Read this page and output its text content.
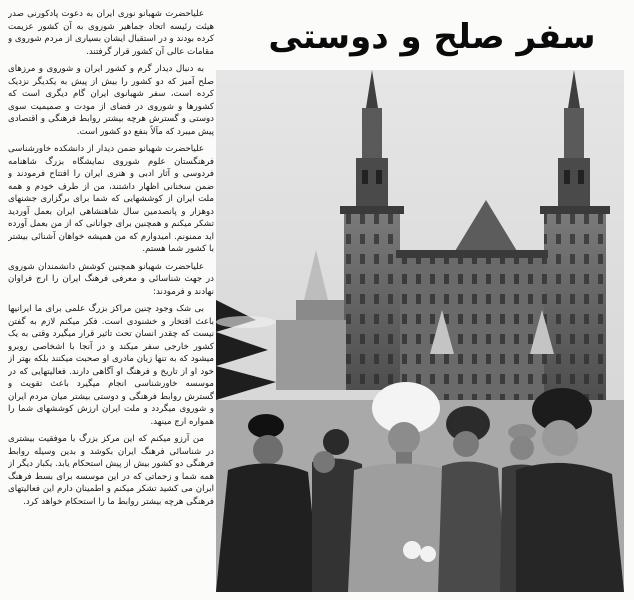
سفر صلح و دوستی

علیاحضرت شهبانو نوری ایران به دعوت پادکورنی صدر هیئت رئیسه اتحاد جماهیر شوروی به آن کشور عزیمت کرده بودند و در استقبال ایشان بسیاری از مردم شوروی و مقامات عالی آن کشور قرار گرفتند.

به دنبال دیدار گرم و کشور ایران و شوروی و مرزهای صلح آمیز که دو کشور را بیش از پیش به یکدیگر نزدیک کرده است، سفر شهبانوی ایران گام دیگری است که کشورها و شوروی در فضای از مودت و صمیمیت سوی دوستی و گسترش هرچه بیشتر روابط فرهنگی و اقتصادی پیش میبرد که مآلاً بنفع دو کشور است.

علیاحضرت شهبانو ضمن دیدار از دانشکده خاورشناسی فرهنگستان علوم شوروی نمایشگاه بزرگ شاهنامه فردوسی و آثار ادبی و هنری ایران را افتتاح فرمودند و ضمن سخنانی اظهار داشتند، من از طرف خودم و همه ملت ایران از کوششهایی که شما برای برگزاری جشنهای دوهزار و پانصدمین سال شاهنشاهی ایران بعمل آوردید تشکر میکنم و همچنین برای جوانانی که از من بعمل آورده اید ممنونم. امیدوارم که من همیشه خواهان آشنائی بیشتر با کشور شما هستم.

علیاحضرت شهبانو همچنین کوشش دانشمندان شوروی در جهت شناسائی و معرفی فرهنگ ایران را ارج فراوان نهادند و فرمودند:

بی شک وجود چنین مراکز بزرگ علمی برای ما ایرانیها باعث افتخار و خشنودی است. فکر میکنم لازم به گفتن نیست که چقدر انسان تحت تاثیر قرار میگیرد وقتی به یک کشور خارجی سفر میکند و در آنجا با اشخاصی روبرو میشود که به تنها زبان مادری او صحبت میکنند بلکه بهتر از خود او از تاریخ و فرهنگ او آگاهی دارند. فعالیتهایی که در موسسه خاورشناسی انجام میگیرد باعث تقویت و گسترش روابط فرهنگی و دوستی بیشتر میان مردم ایران و شوروی میگردد و ملت ایران ارزش کوششهای شما را همواره ارج مینهد.

من آرزو میکنم که این مرکز بزرگ با موفقیت بیشتری در شناسائی فرهنگ ایران بکوشد و بدین وسیله روابط فرهنگی دو کشور بیش از پیش استحکام یابد. یکبار دیگر از همه شما و زحماتی که در این موسسه برای بسط فرهنگ ایران می کشید تشکر میکنم و اطمینان دارم این فعالیتهای فرهنگی هرچه بیشتر روابط ما را استحکام خواهد کرد.
